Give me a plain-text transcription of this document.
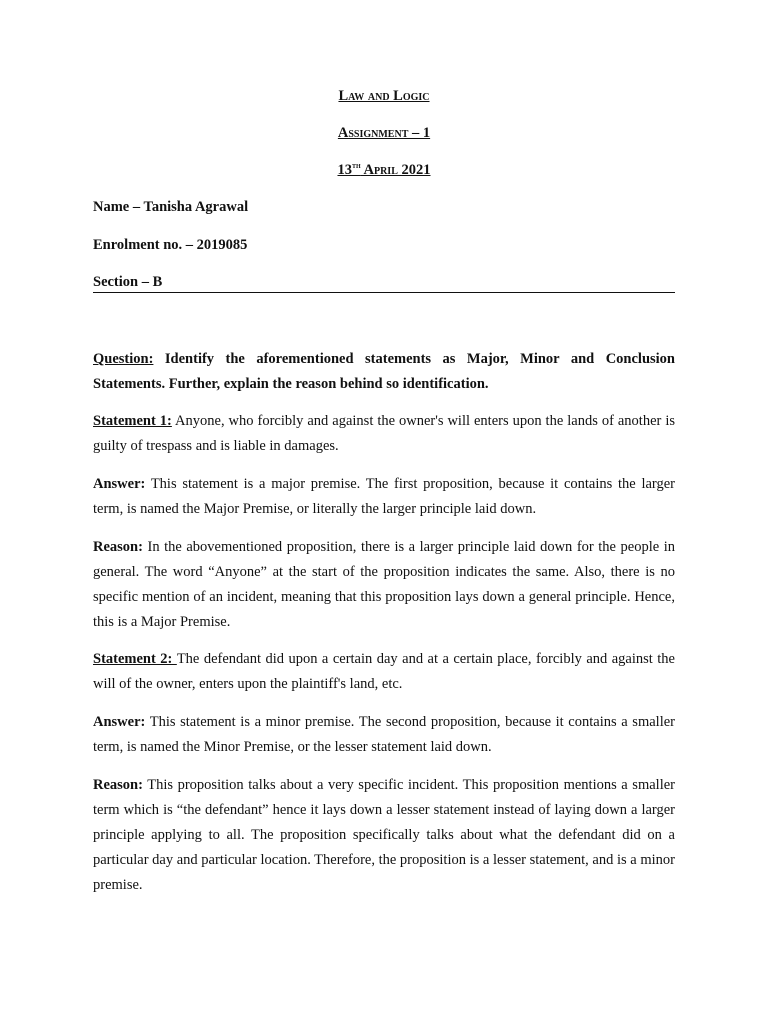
Law and Logic
Assignment – 1
13th April 2021
Name – Tanisha Agrawal
Enrolment no. – 2019085
Section – B
Question: Identify the aforementioned statements as Major, Minor and Conclusion Statements. Further, explain the reason behind so identification.
Statement 1: Anyone, who forcibly and against the owner's will enters upon the lands of another is guilty of trespass and is liable in damages.
Answer: This statement is a major premise. The first proposition, because it contains the larger term, is named the Major Premise, or literally the larger principle laid down.
Reason: In the abovementioned proposition, there is a larger principle laid down for the people in general. The word “Anyone” at the start of the proposition indicates the same. Also, there is no specific mention of an incident, meaning that this proposition lays down a general principle. Hence, this is a Major Premise.
Statement 2: The defendant did upon a certain day and at a certain place, forcibly and against the will of the owner, enters upon the plaintiff's land, etc.
Answer: This statement is a minor premise. The second proposition, because it contains a smaller term, is named the Minor Premise, or the lesser statement laid down.
Reason: This proposition talks about a very specific incident. This proposition mentions a smaller term which is “the defendant” hence it lays down a lesser statement instead of laying down a larger principle applying to all. The proposition specifically talks about what the defendant did on a particular day and particular location. Therefore, the proposition is a lesser statement, and is a minor premise.
